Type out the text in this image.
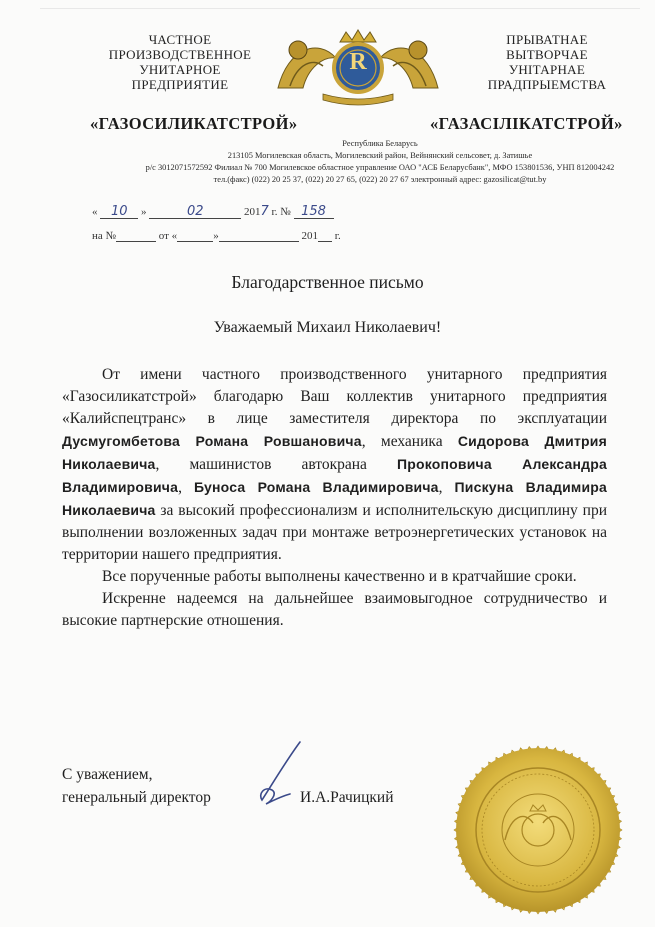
ЧАСТНОЕ
ПРОИЗВОДСТВЕННОЕ
УНИТАРНОЕ
ПРЕДПРИЯТИЕ
R
ПРЫВАТНАЕ
ВЫТВОРЧАЕ
УНІТАРНАЕ
ПРАДПРЫЕМСТВА
«ГАЗОСИЛИКАТСТРОЙ»	«ГАЗАСІЛІКАТСТРОЙ»
Республика Беларусь
213105 Могилевская область, Могилевский район, Вейнянский сельсовет, д. Затишье
р/с 3012071572592 Филиал № 700 Могилевское областное управление ОАО "АСБ Беларусбанк", МФО 153801536, УНП 812004242
тел.(факс) (022) 20 25 37, (022) 20 27 65, (022) 20 27 67 электронный адрес: gazosilicat@tut.by
« 10 »	02	2017 г. № 158
на №	от «	»	201 г.
Благодарственное письмо
Уважаемый Михаил Николаевич!

От имени частного производственного унитарного предприятия «Газосиликатстрой» благодарю Ваш коллектив унитарного предприятия «Калийспецтранс» в лице заместителя директора по эксплуатации Дусмугомбетова Романа Ровшановича, механика Сидорова Дмитрия Николаевича, машинистов автокрана Прокоповича Александра Владимировича, Буноса Романа Владимировича, Пискуна Владимира Николаевича за высокий профессионализм и исполнительскую дисциплину при выполнении возложенных задач при монтаже ветроэнергетических установок на территории нашего предприятия.

Все порученные работы выполнены качественно и в кратчайшие сроки.

Искренне надеемся на дальнейшее взаимовыгодное сотрудничество и высокие партнерские отношения.

С уважением,
генеральный директор	И.А.Рачицкий
